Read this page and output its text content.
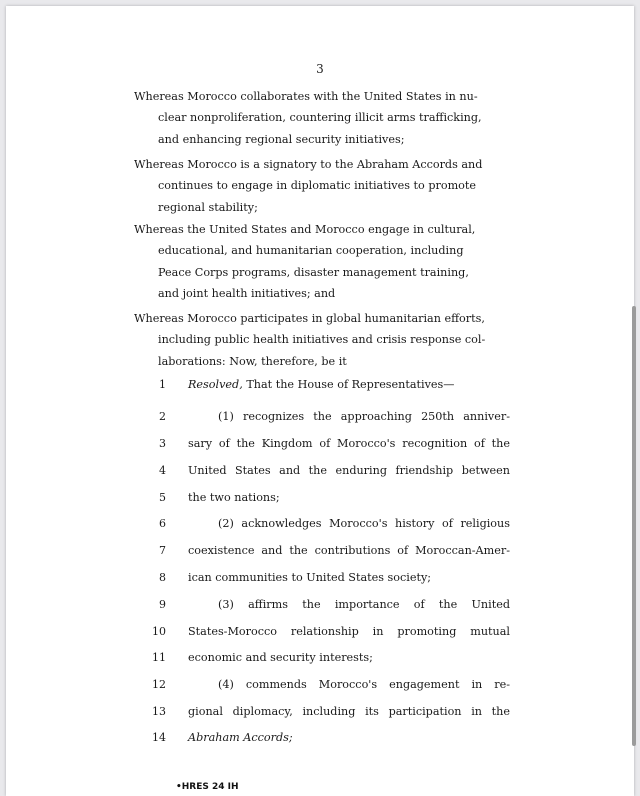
3
Whereas Morocco collaborates with the United States in nu-
clear nonproliferation, countering illicit arms trafficking,
and enhancing regional security initiatives;
Whereas Morocco is a signatory to the Abraham Accords and
continues to engage in diplomatic initiatives to promote
regional stability;
Whereas the United States and Morocco engage in cultural,
educational, and humanitarian cooperation, including
Peace Corps programs, disaster management training,
and joint health initiatives; and
Whereas Morocco participates in global humanitarian efforts,
including public health initiatives and crisis response col-
laborations: Now, therefore, be it
1 Resolved, That the House of Representatives—
2	(1) recognizes the approaching 250th anniver-
3 sary of the Kingdom of Morocco's recognition of the
4 United States and the enduring friendship between
5 the two nations;
6	(2) acknowledges Morocco's history of religious
7 coexistence and the contributions of Moroccan-Amer-
8 ican communities to United States society;
9	(3) affirms the importance of the United
10 States-Morocco relationship in promoting mutual
11 economic and security interests;
12	(4) commends Morocco's engagement in re-
13 gional diplomacy, including its participation in the
14 Abraham Accords;
•HRES 24 IH
